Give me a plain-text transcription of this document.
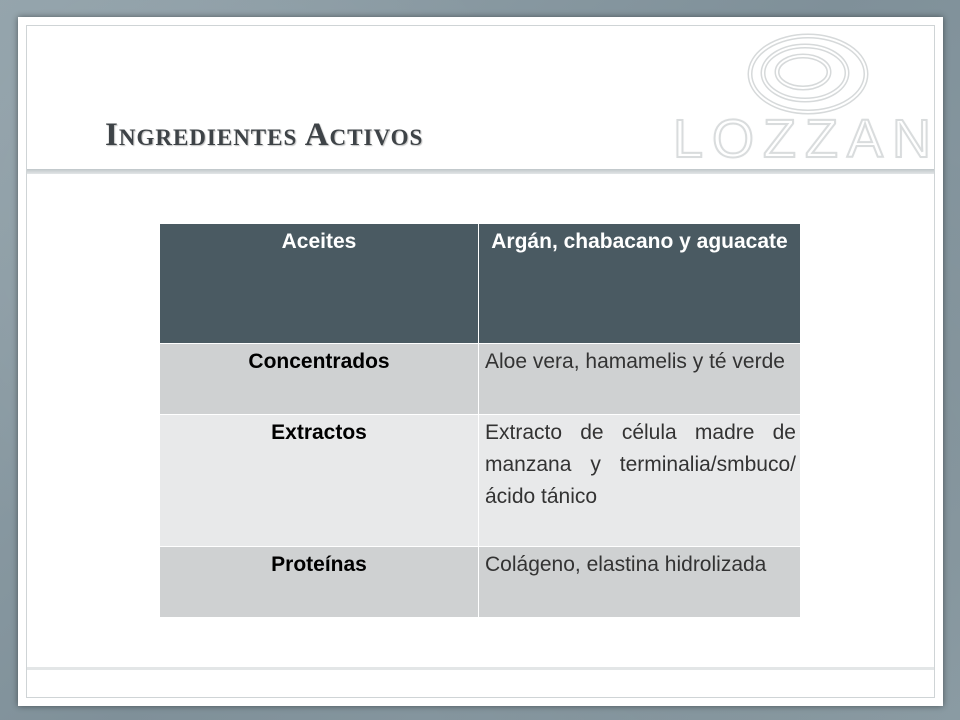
LOZZAN
Ingredientes Activos
Aceites	Argán, chabacano y aguacate
Concentrados	Aloe vera, hamamelis y té verde
Extractos	Extracto de célula madre de manzana y terminalia/smbuco/ácido tánico
Proteínas	Colágeno, elastina hidrolizada
